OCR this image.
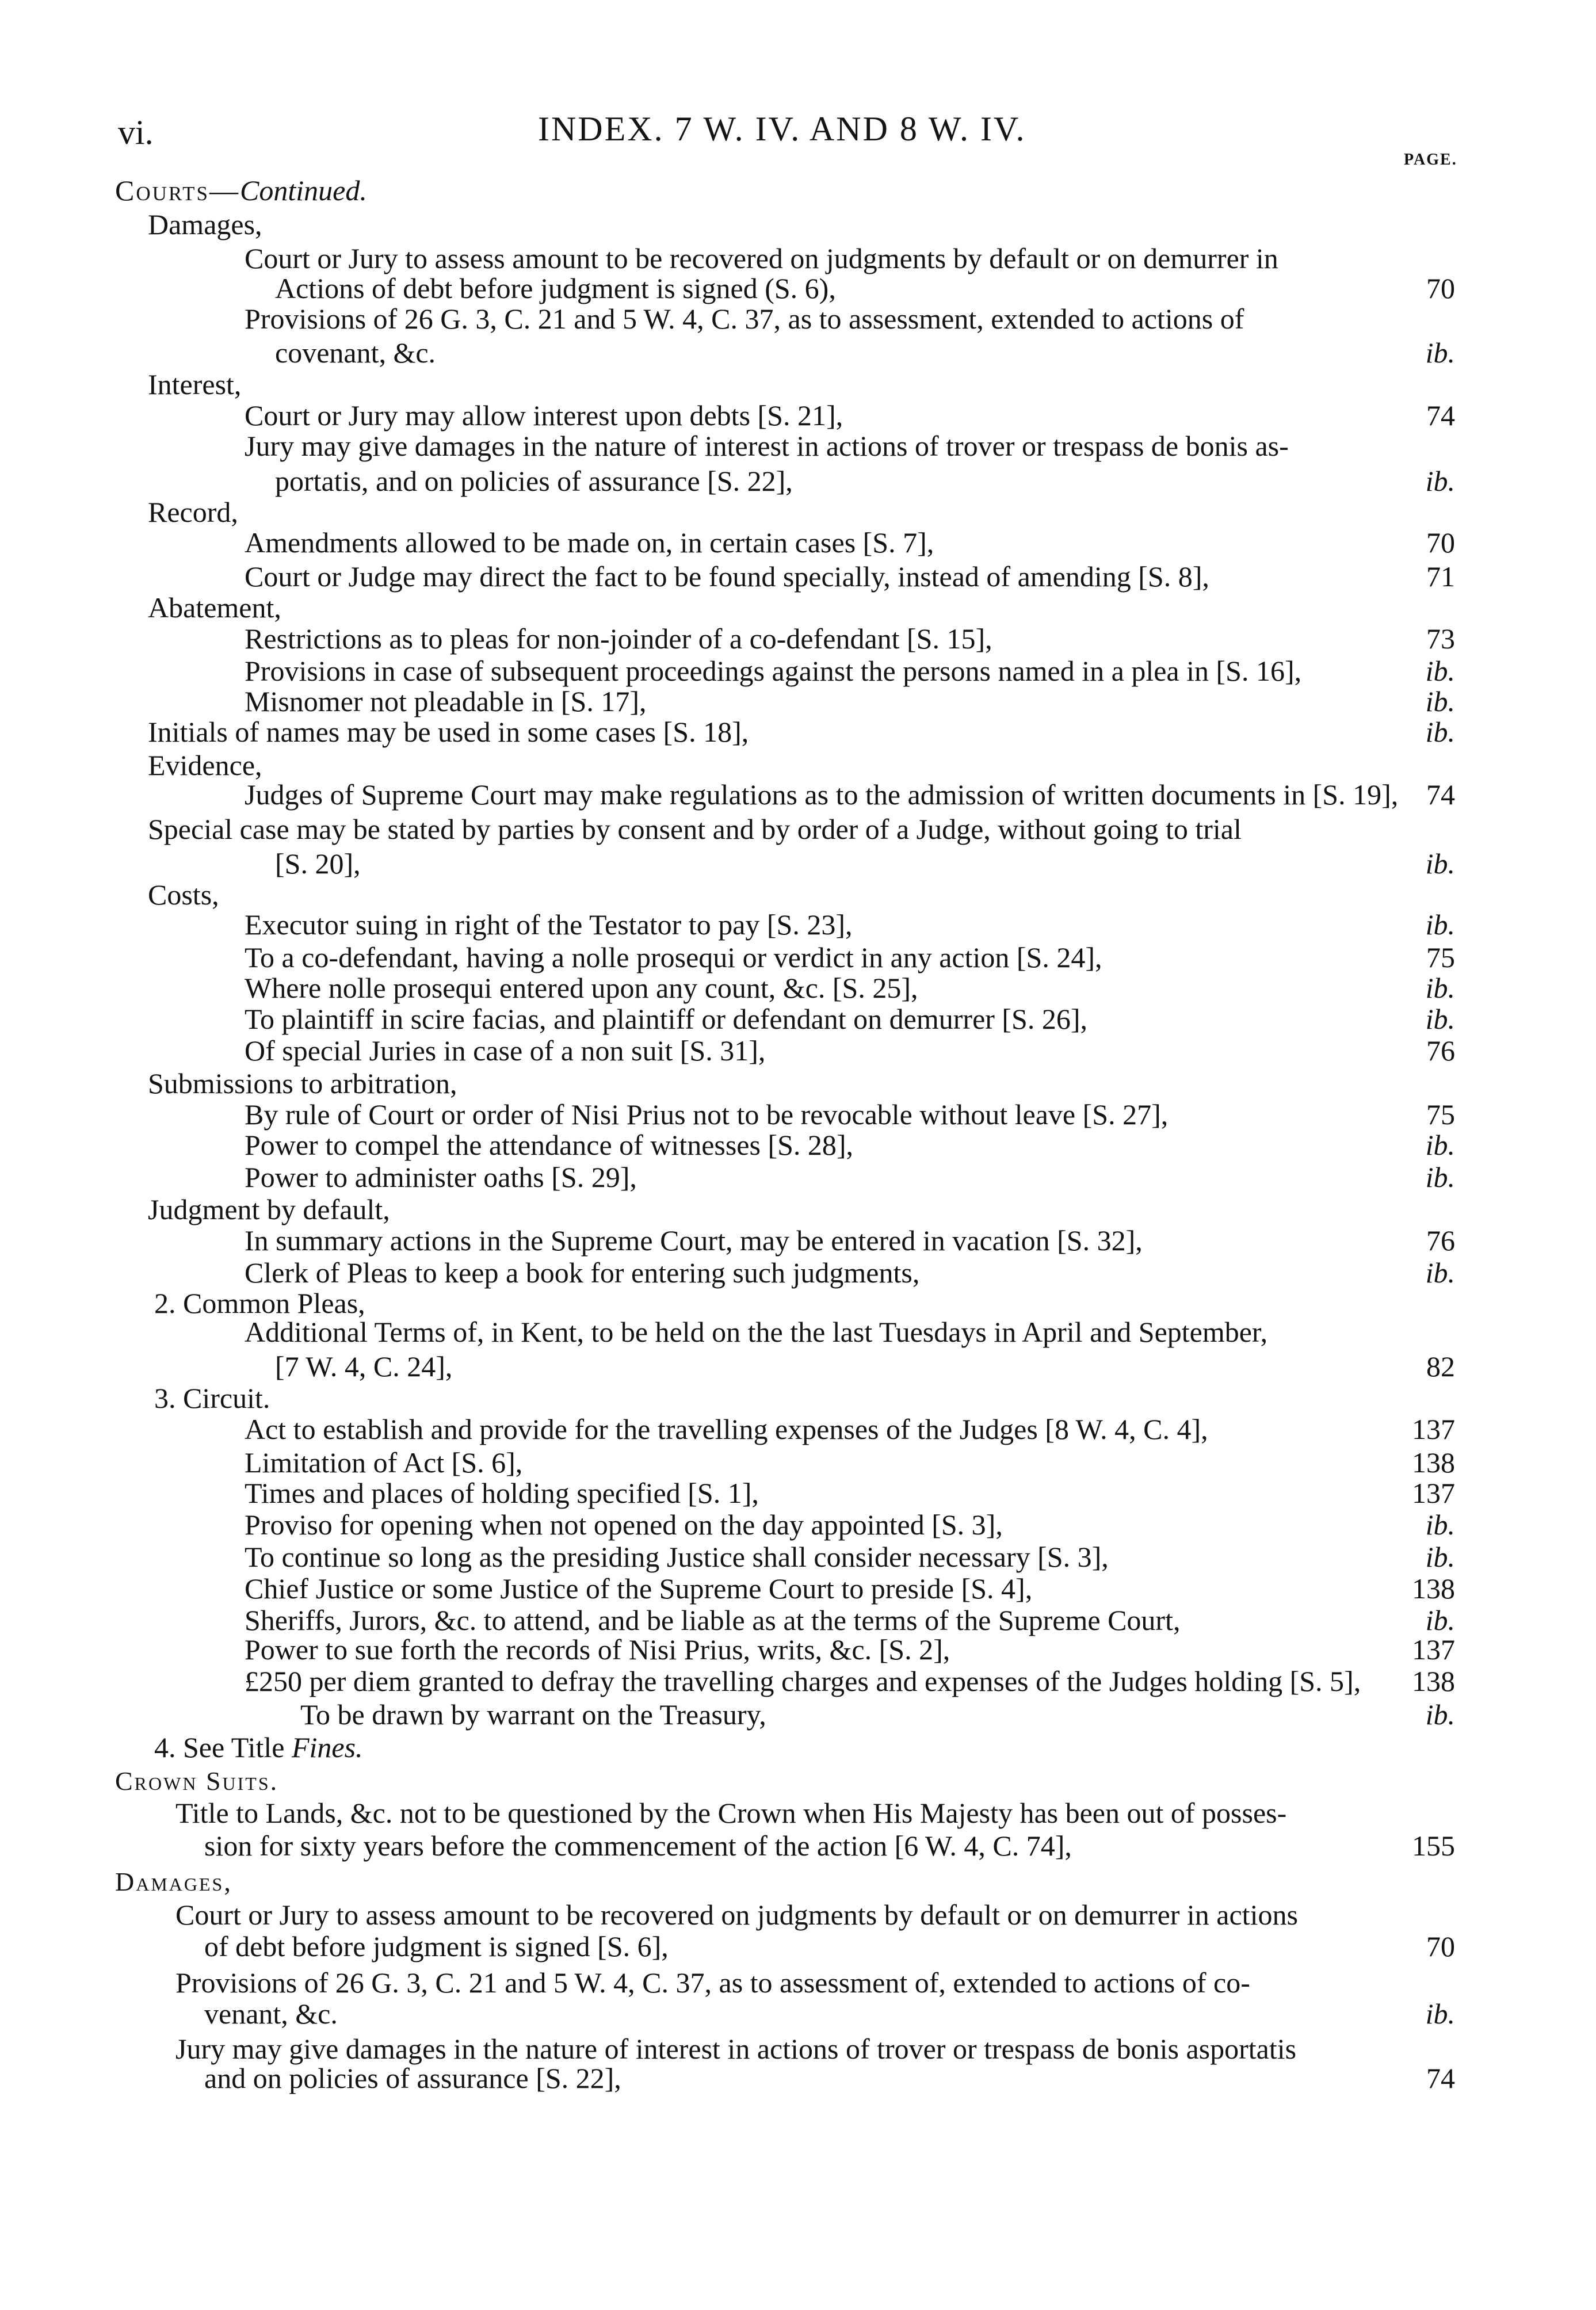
vi.	INDEX. 7 W. IV. AND 8 W. IV.
PAGE.
Courts—Continued.
Damages,
Court or Jury to assess amount to be recovered on judgments by default or on demurrer in
Actions of debt before judgment is signed (S. 6),	70
Provisions of 26 G. 3, C. 21 and 5 W. 4, C. 37, as to assessment, extended to actions of
covenant, &c.	ib.
Interest,
Court or Jury may allow interest upon debts [S. 21],	74
Jury may give damages in the nature of interest in actions of trover or trespass de bonis as-
portatis, and on policies of assurance [S. 22],	ib.
Record,
Amendments allowed to be made on, in certain cases [S. 7],	70
Court or Judge may direct the fact to be found specially, instead of amending [S. 8],	71
Abatement,
Restrictions as to pleas for non-joinder of a co-defendant [S. 15],	73
Provisions in case of subsequent proceedings against the persons named in a plea in [S. 16],	ib.
Misnomer not pleadable in [S. 17],	ib.
Initials of names may be used in some cases [S. 18],	ib.
Evidence,
Judges of Supreme Court may make regulations as to the admission of written documents in [S. 19], 74
Special case may be stated by parties by consent and by order of a Judge, without going to trial
[S. 20],	ib.
Costs,
Executor suing in right of the Testator to pay [S. 23],	ib.
To a co-defendant, having a nolle prosequi or verdict in any action [S. 24],	75
Where nolle prosequi entered upon any count, &c. [S. 25],	ib.
To plaintiff in scire facias, and plaintiff or defendant on demurrer [S. 26],	ib.
Of special Juries in case of a non suit [S. 31],	76
Submissions to arbitration,
By rule of Court or order of Nisi Prius not to be revocable without leave [S. 27],	75
Power to compel the attendance of witnesses [S. 28],	ib.
Power to administer oaths [S. 29],	ib.
Judgment by default,
In summary actions in the Supreme Court, may be entered in vacation [S. 32],	76
Clerk of Pleas to keep a book for entering such judgments,	ib.
2. Common Pleas,
Additional Terms of, in Kent, to be held on the the last Tuesdays in April and September,
[7 W. 4, C. 24],	82
3. Circuit.
Act to establish and provide for the travelling expenses of the Judges [8 W. 4, C. 4],	137
Limitation of Act [S. 6],	138
Times and places of holding specified [S. 1],	137
Proviso for opening when not opened on the day appointed [S. 3],	ib.
To continue so long as the presiding Justice shall consider necessary [S. 3],	ib.
Chief Justice or some Justice of the Supreme Court to preside [S. 4],	138
Sheriffs, Jurors, &c. to attend, and be liable as at the terms of the Supreme Court,	ib.
Power to sue forth the records of Nisi Prius, writs, &c. [S. 2],	137
£250 per diem granted to defray the travelling charges and expenses of the Judges holding [S. 5], 138
To be drawn by warrant on the Treasury,	ib.
4. See Title Fines.
Crown Suits.
Title to Lands, &c. not to be questioned by the Crown when His Majesty has been out of posses-
sion for sixty years before the commencement of the action [6 W. 4, C. 74],	155
Damages,
Court or Jury to assess amount to be recovered on judgments by default or on demurrer in actions
of debt before judgment is signed [S. 6],	70
Provisions of 26 G. 3, C. 21 and 5 W. 4, C. 37, as to assessment of, extended to actions of co-
venant, &c.	ib.
Jury may give damages in the nature of interest in actions of trover or trespass de bonis asportatis
and on policies of assurance [S. 22],	74
